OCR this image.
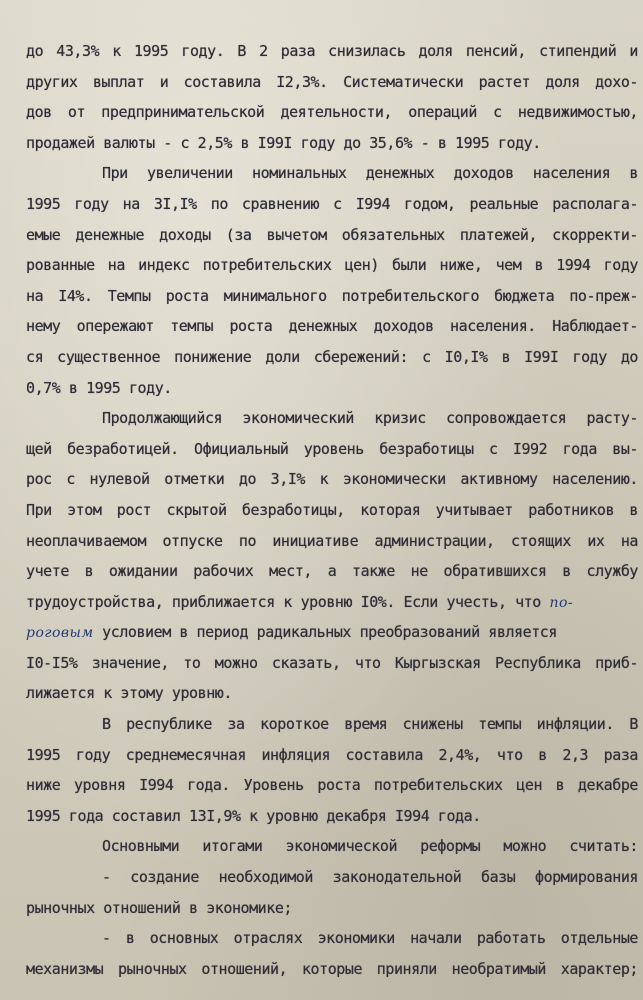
до 43,3% к 1995 году. В 2 раза снизилась доля пенсий, стипендий и
других выплат и составила I2,3%. Систематически растет доля дохо-
дов от предпринимательской деятельности, операций с недвижимостью,
продажей валюты - с 2,5% в I99I году до 35,6% - в 1995 году.
При увеличении номинальных денежных доходов населения в
1995 году на 3I,I% по сравнению с I994 годом, реальные располага-
емые денежные доходы (за вычетом обязательных платежей, скорректи-
рованные на индекс потребительских цен) были ниже, чем в 1994 году
на I4%. Темпы роста минимального потребительского бюджета по-преж-
нему опережают темпы роста денежных доходов населения. Наблюдает-
ся существенное понижение доли сбережений: с I0,I% в I99I году до
0,7% в 1995 году.
Продолжающийся экономический кризис сопровождается расту-
щей безработицей. Официальный уровень безработицы с I992 года вы-
рос с нулевой отметки до 3,I% к экономически активному населению.
При этом рост скрытой безработицы, которая учитывает работников в
неоплачиваемом отпуске по инициативе администрации, стоящих их на
учете в ожидании рабочих мест, а также не обратившихся в службу
трудоустройства, приближается к уровню I0%. Если учесть, что по-
роговым условием в период радикальных преобразований является
I0-I5% значение, то можно сказать, что Кыргызская Республика приб-
лижается к этому уровню.
В республике за короткое время снижены темпы инфляции. В
1995 году среднемесячная инфляция составила 2,4%, что в 2,3 раза
ниже уровня I994 года. Уровень роста потребительских цен в декабре
1995 года составил 13I,9% к уровню декабря I994 года.
Основными итогами экономической реформы можно считать:
- создание необходимой законодательной базы формирования
рыночных отношений в экономике;
- в основных отраслях экономики начали работать отдельные
механизмы рыночных отношений, которые приняли необратимый характер;
